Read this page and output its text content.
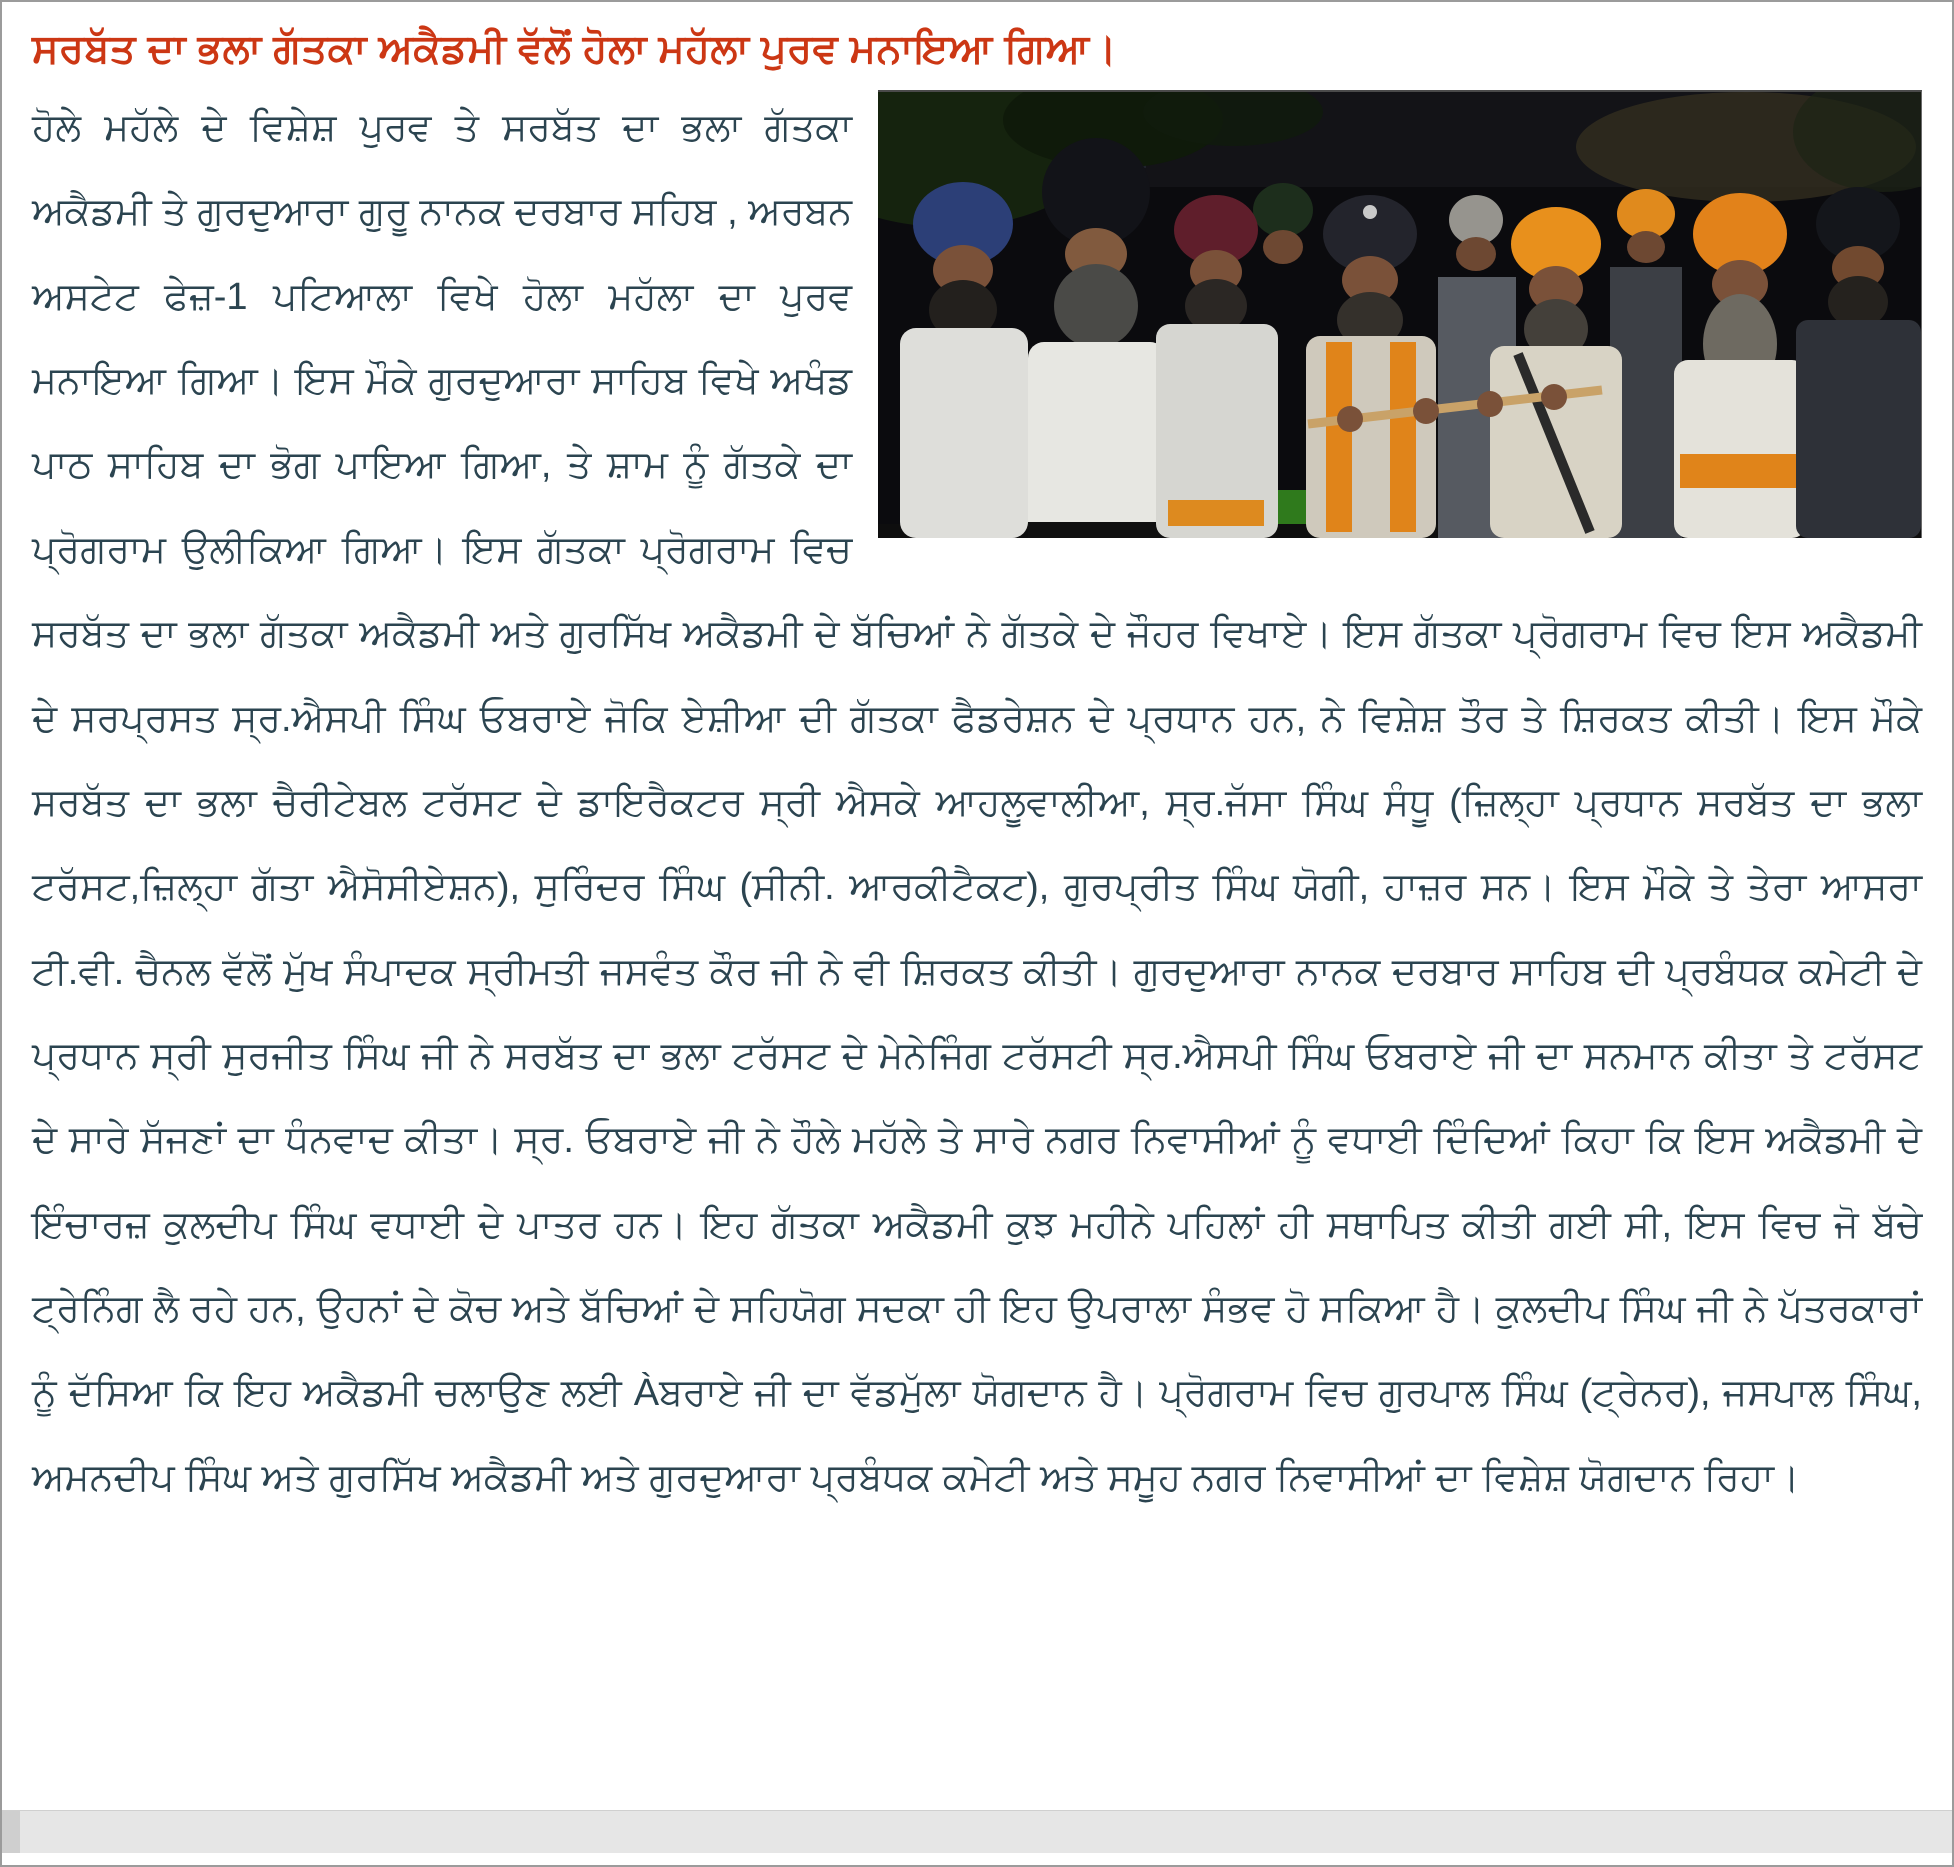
ਸਰਬੱਤ ਦਾ ਭਲਾ ਗੱਤਕਾ ਅਕੈਡਮੀ ਵੱਲੋਂ ਹੋਲਾ ਮਹੱਲਾ ਪੁਰਵ ਮਨਾਇਆ ਗਿਆ।

ਹੋਲੇ ਮਹੱਲੇ ਦੇ ਵਿਸ਼ੇਸ਼ ਪੁਰਵ ਤੇ ਸਰਬੱਤ ਦਾ ਭਲਾ ਗੱਤਕਾ ਅਕੈਡਮੀ ਤੇ ਗੁਰਦੁਆਰਾ ਗੁਰੂ ਨਾਨਕ ਦਰਬਾਰ ਸਹਿਬ , ਅਰਬਨ ਅਸਟੇਟ ਫੇਜ਼-1 ਪਟਿਆਲਾ ਵਿਖੇ ਹੋਲਾ ਮਹੱਲਾ ਦਾ ਪੁਰਵ ਮਨਾਇਆ ਗਿਆ। ਇਸ ਮੌਕੇ ਗੁਰਦੁਆਰਾ ਸਾਹਿਬ ਵਿਖੇ ਅਖੰਡ ਪਾਠ ਸਾਹਿਬ ਦਾ ਭੋਗ ਪਾਇਆ ਗਿਆ, ਤੇ ਸ਼ਾਮ ਨੂੰ ਗੱਤਕੇ ਦਾ ਪ੍ਰੋਗਰਾਮ ਉਲੀਕਿਆ ਗਿਆ। ਇਸ ਗੱਤਕਾ ਪ੍ਰੋਗਰਾਮ ਵਿਚ ਸਰਬੱਤ ਦਾ ਭਲਾ ਗੱਤਕਾ ਅਕੈਡਮੀ ਅਤੇ ਗੁਰਸਿੱਖ ਅਕੈਡਮੀ ਦੇ ਬੱਚਿਆਂ ਨੇ ਗੱਤਕੇ ਦੇ ਜੌਹਰ ਵਿਖਾਏ। ਇਸ ਗੱਤਕਾ ਪ੍ਰੋਗਰਾਮ ਵਿਚ ਇਸ ਅਕੈਡਮੀ ਦੇ ਸਰਪ੍ਰਸਤ ਸ੍ਰ.ਐਸਪੀ ਸਿੰਘ ਓਬਰਾਏ ਜੋਕਿ ਏਸ਼ੀਆ ਦੀ ਗੱਤਕਾ ਫੈਡਰੇਸ਼ਨ ਦੇ ਪ੍ਰਧਾਨ ਹਨ, ਨੇ ਵਿਸ਼ੇਸ਼ ਤੌਰ ਤੇ ਸ਼ਿਰਕਤ ਕੀਤੀ। ਇਸ ਮੌਕੇ ਸਰਬੱਤ ਦਾ ਭਲਾ ਚੈਰੀਟੇਬਲ ਟਰੱਸਟ ਦੇ ਡਾਇਰੈਕਟਰ ਸ੍ਰੀ ਐਸਕੇ ਆਹਲੂਵਾਲੀਆ, ਸ੍ਰ.ਜੱਸਾ ਸਿੰਘ ਸੰਧੂ (ਜ਼ਿਲ੍ਹਾ ਪ੍ਰਧਾਨ ਸਰਬੱਤ ਦਾ ਭਲਾ ਟਰੱਸਟ,ਜ਼ਿਲ੍ਹਾ ਗੱਤਾ ਐਸੋਸੀਏਸ਼ਨ), ਸੁਰਿੰਦਰ ਸਿੰਘ (ਸੀਨੀ. ਆਰਕੀਟੈਕਟ), ਗੁਰਪ੍ਰੀਤ ਸਿੰਘ ਯੋਗੀ, ਹਾਜ਼ਰ ਸਨ। ਇਸ ਮੌਕੇ ਤੇ ਤੇਰਾ ਆਸਰਾ ਟੀ.ਵੀ. ਚੈਨਲ ਵੱਲੋਂ ਮੁੱਖ ਸੰਪਾਦਕ ਸ੍ਰੀਮਤੀ ਜਸਵੰਤ ਕੌਰ ਜੀ ਨੇ ਵੀ ਸ਼ਿਰਕਤ ਕੀਤੀ। ਗੁਰਦੁਆਰਾ ਨਾਨਕ ਦਰਬਾਰ ਸਾਹਿਬ ਦੀ ਪ੍ਰਬੰਧਕ ਕਮੇਟੀ ਦੇ ਪ੍ਰਧਾਨ ਸ੍ਰੀ ਸੁਰਜੀਤ ਸਿੰਘ ਜੀ ਨੇ ਸਰਬੱਤ ਦਾ ਭਲਾ ਟਰੱਸਟ ਦੇ ਮੇਨੇਜਿੰਗ ਟਰੱਸਟੀ ਸ੍ਰ.ਐਸਪੀ ਸਿੰਘ ਓਬਰਾਏ ਜੀ ਦਾ ਸਨਮਾਨ ਕੀਤਾ ਤੇ ਟਰੱਸਟ ਦੇ ਸਾਰੇ ਸੱਜਣਾਂ ਦਾ ਧੰਨਵਾਦ ਕੀਤਾ। ਸ੍ਰ. ਓਬਰਾਏ ਜੀ ਨੇ ਹੌਲੇ ਮਹੱਲੇ ਤੇ ਸਾਰੇ ਨਗਰ ਨਿਵਾਸੀਆਂ ਨੂੰ ਵਧਾਈ ਦਿੰਦਿਆਂ ਕਿਹਾ ਕਿ ਇਸ ਅਕੈਡਮੀ ਦੇ ਇੰਚਾਰਜ਼ ਕੁਲਦੀਪ ਸਿੰਘ ਵਧਾਈ ਦੇ ਪਾਤਰ ਹਨ। ਇਹ ਗੱਤਕਾ ਅਕੈਡਮੀ ਕੁਝ ਮਹੀਨੇ ਪਹਿਲਾਂ ਹੀ ਸਥਾਪਿਤ ਕੀਤੀ ਗਈ ਸੀ, ਇਸ ਵਿਚ ਜੋ ਬੱਚੇ ਟ੍ਰੇਨਿੰਗ ਲੈ ਰਹੇ ਹਨ, ਉਹਨਾਂ ਦੇ ਕੋਚ ਅਤੇ ਬੱਚਿਆਂ ਦੇ ਸਹਿਯੋਗ ਸਦਕਾ ਹੀ ਇਹ ਉਪਰਾਲਾ ਸੰਭਵ ਹੋ ਸਕਿਆ ਹੈ। ਕੁਲਦੀਪ ਸਿੰਘ ਜੀ ਨੇ ਪੱਤਰਕਾਰਾਂ ਨੂੰ ਦੱਸਿਆ ਕਿ ਇਹ ਅਕੈਡਮੀ ਚਲਾਉਣ ਲਈ Àਬਰਾਏ ਜੀ ਦਾ ਵੱਡਮੁੱਲਾ ਯੋਗਦਾਨ ਹੈ। ਪ੍ਰੋਗਰਾਮ ਵਿਚ ਗੁਰਪਾਲ ਸਿੰਘ (ਟ੍ਰੇਨਰ), ਜਸਪਾਲ ਸਿੰਘ, ਅਮਨਦੀਪ ਸਿੰਘ ਅਤੇ ਗੁਰਸਿੱਖ ਅਕੈਡਮੀ ਅਤੇ ਗੁਰਦੁਆਰਾ ਪ੍ਰਬੰਧਕ ਕਮੇਟੀ ਅਤੇ ਸਮੂਹ ਨਗਰ ਨਿਵਾਸੀਆਂ ਦਾ ਵਿਸ਼ੇਸ਼ ਯੋਗਦਾਨ ਰਿਹਾ।
